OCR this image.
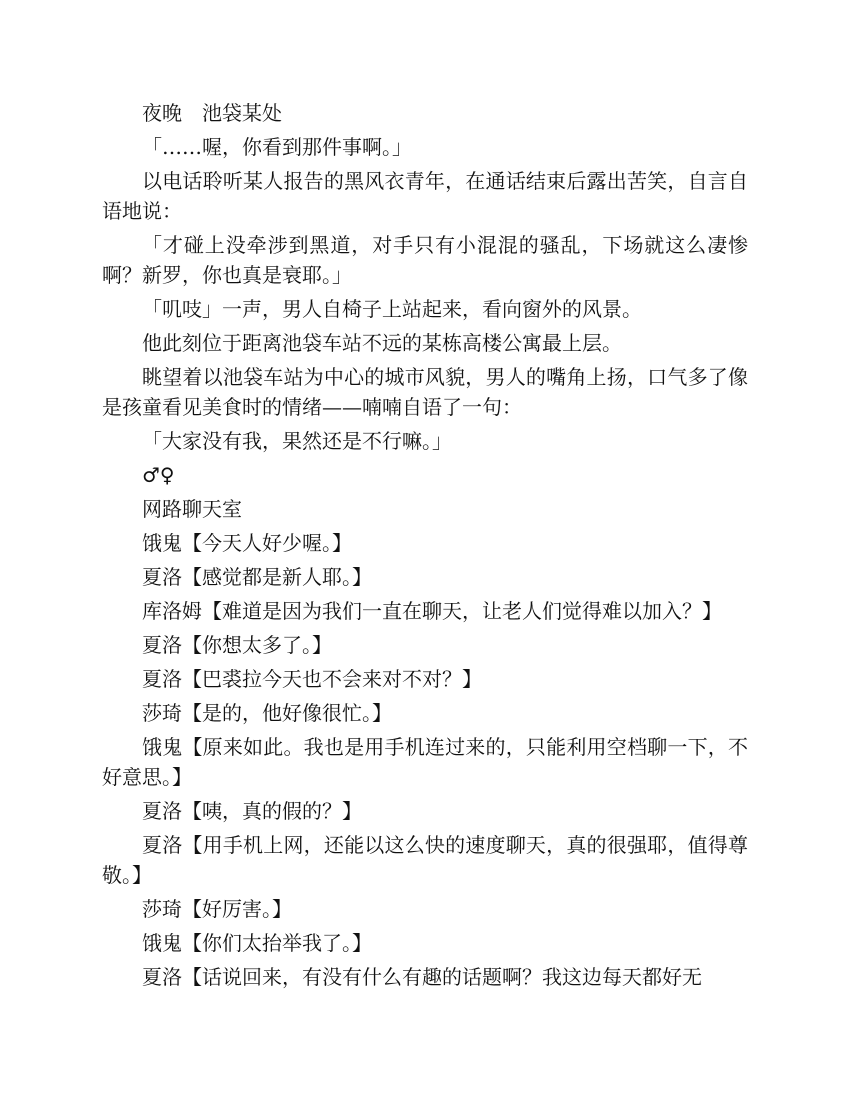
夜晚　池袋某处

「……喔，你看到那件事啊。」

以电话聆听某人报告的黑风衣青年，在通话结束后露出苦笑，自言自语地说：

「才碰上没牵涉到黑道，对手只有小混混的骚乱，下场就这么凄惨啊？新罗，你也真是衰耶。」

「叽吱」一声，男人自椅子上站起来，看向窗外的风景。

他此刻位于距离池袋车站不远的某栋高楼公寓最上层。

眺望着以池袋车站为中心的城市风貌，男人的嘴角上扬，口气多了像是孩童看见美食时的情绪——喃喃自语了一句：

「大家没有我，果然还是不行嘛。」

♂♀

网路聊天室

饿鬼【今天人好少喔。】

夏洛【感觉都是新人耶。】

库洛姆【难道是因为我们一直在聊天，让老人们觉得难以加入？】

夏洛【你想太多了。】

夏洛【巴裘拉今天也不会来对不对？】

莎琦【是的，他好像很忙。】

饿鬼【原来如此。我也是用手机连过来的，只能利用空档聊一下，不好意思。】

夏洛【咦，真的假的？】

夏洛【用手机上网，还能以这么快的速度聊天，真的很强耶，值得尊敬。】

莎琦【好厉害。】

饿鬼【你们太抬举我了。】

夏洛【话说回来，有没有什么有趣的话题啊？我这边每天都好无
